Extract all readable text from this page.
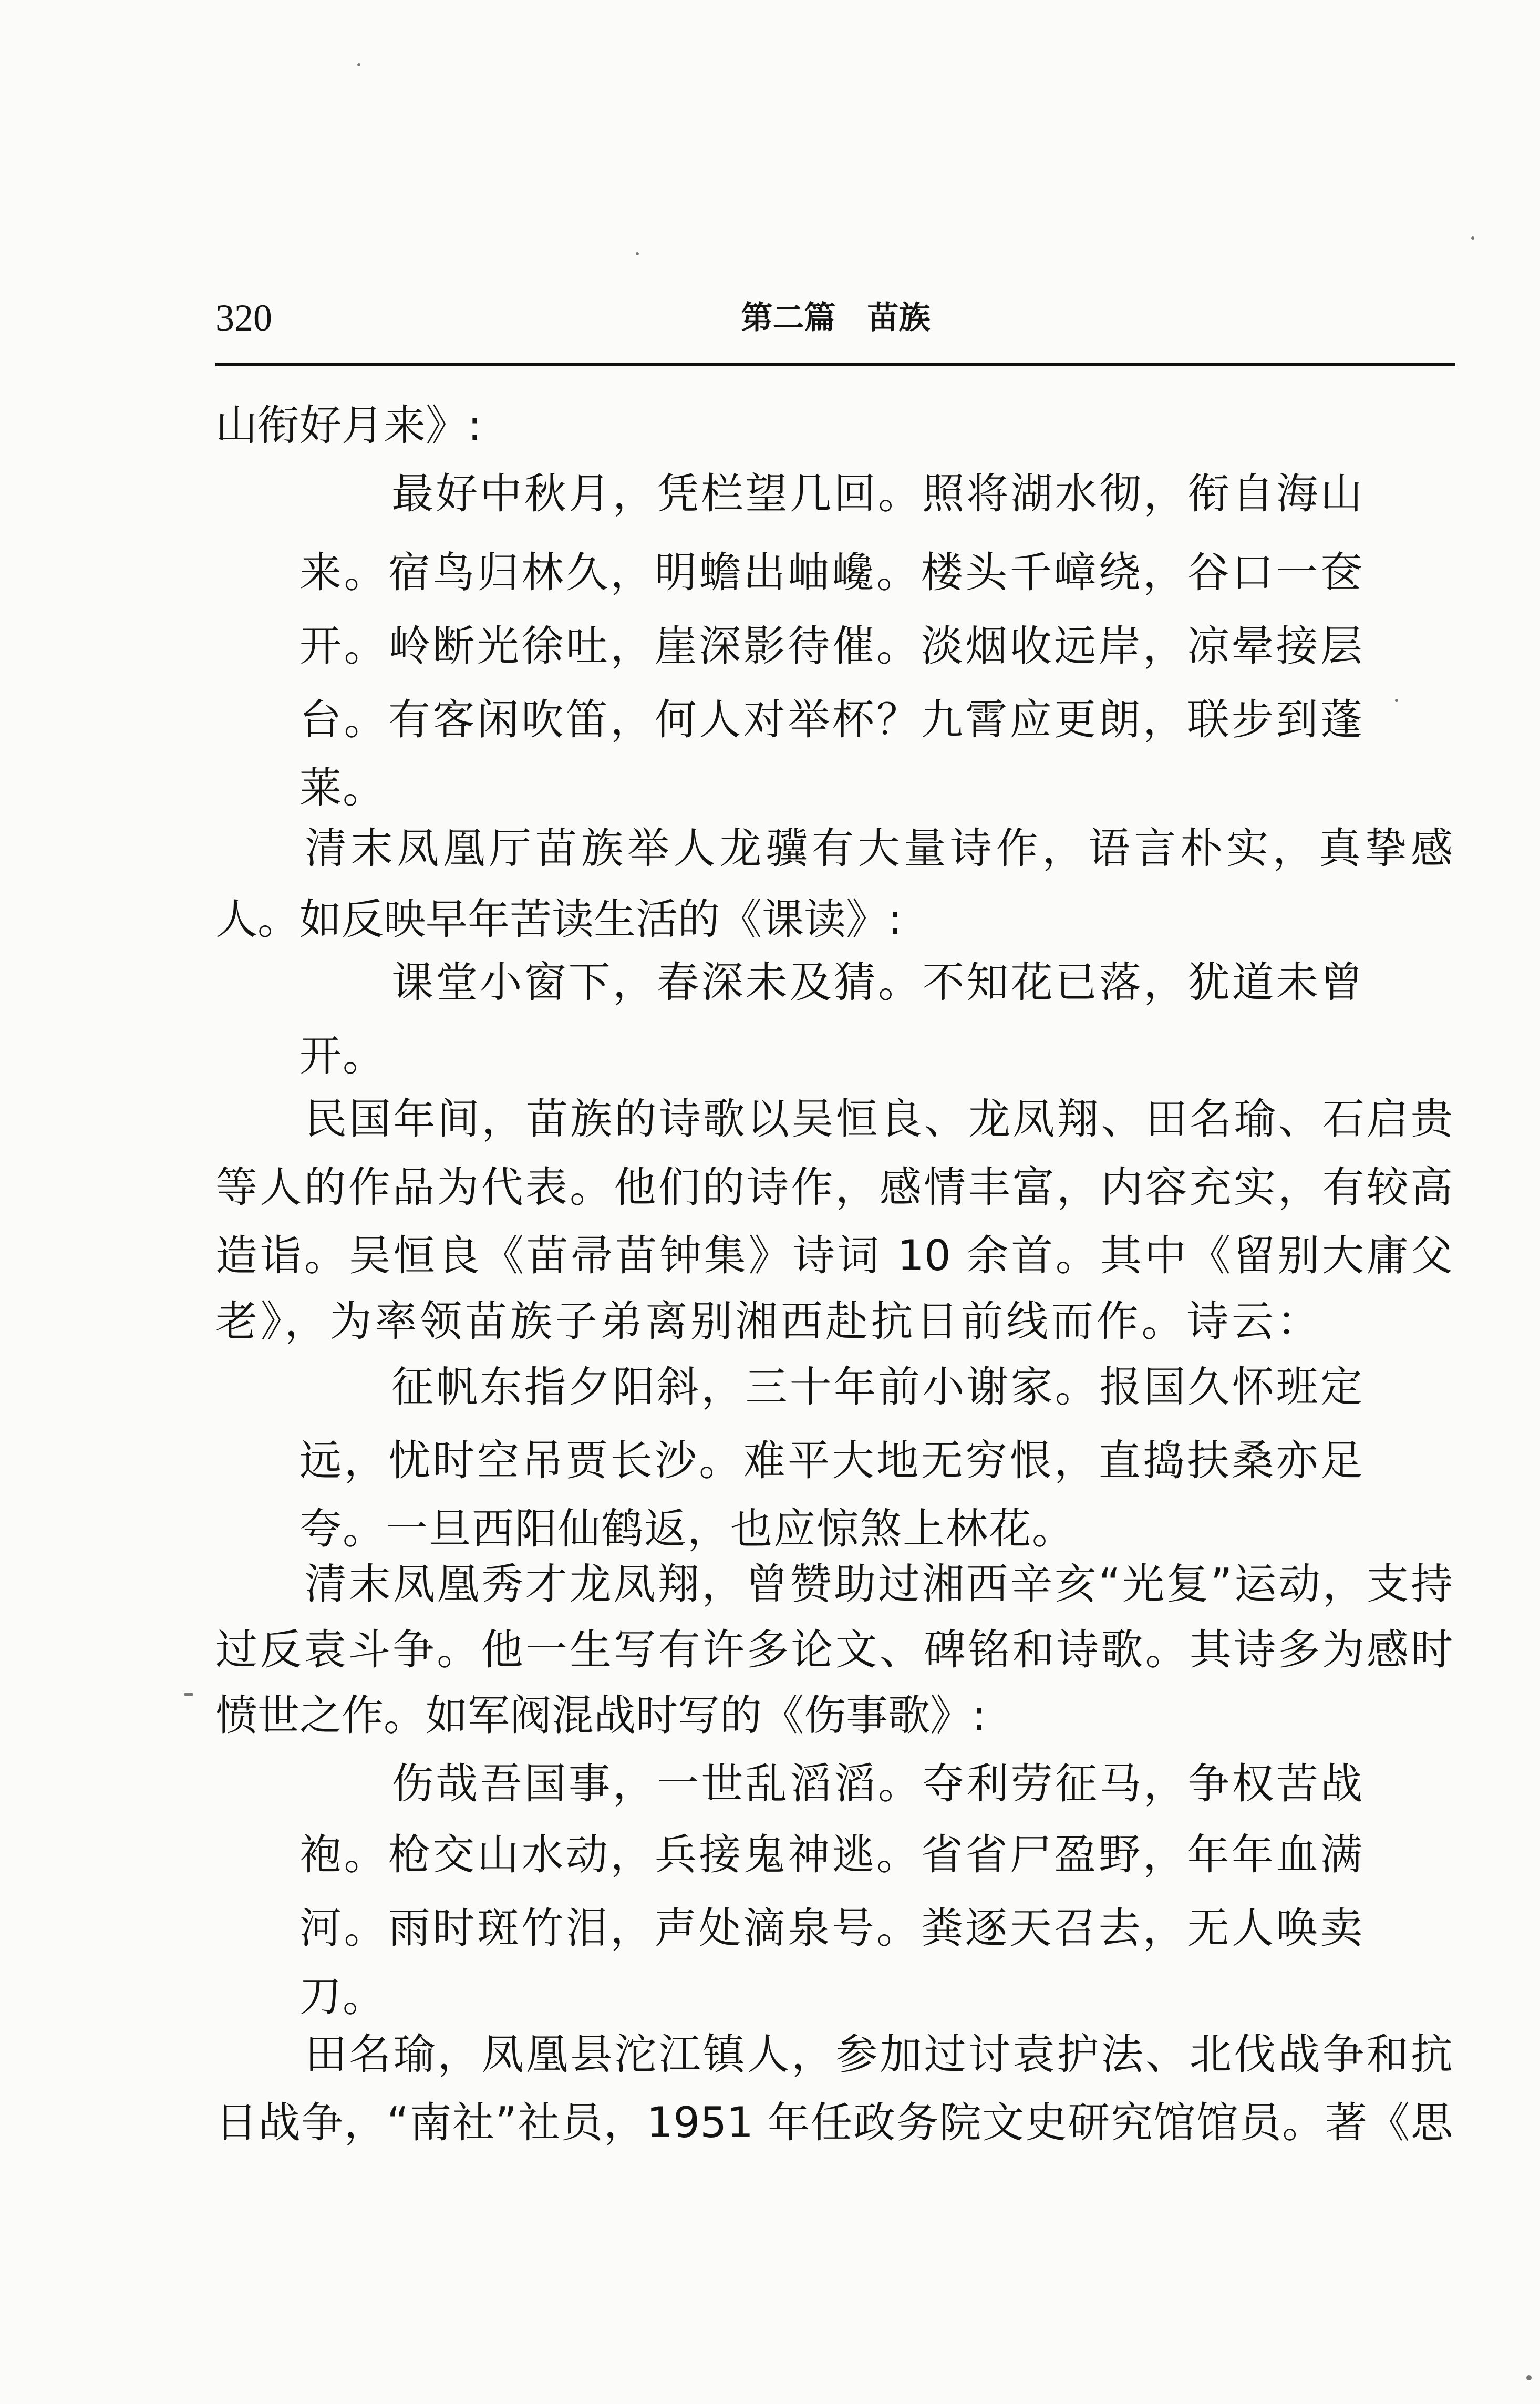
320	第二篇　苗族
山衔好月来》:
最好中秋月，凭栏望几回。照将湖水彻，衔自海山
来。宿鸟归林久，明蟾出岫巉。楼头千嶂绕，谷口一奁
开。岭断光徐吐，崖深影待催。淡烟收远岸，凉晕接层
台。有客闲吹笛，何人对举杯？九霄应更朗，联步到蓬
莱。
清末凤凰厅苗族举人龙骥有大量诗作，语言朴实，真挚感
人。如反映早年苦读生活的《课读》:
课堂小窗下，春深未及猜。不知花已落，犹道未曾
开。
民国年间，苗族的诗歌以吴恒良、龙凤翔、田名瑜、石启贵
等人的作品为代表。他们的诗作，感情丰富，内容充实，有较高
造诣。吴恒良《苗帚苗钟集》诗词 10 余首。其中《留别大庸父
老》，为率领苗族子弟离别湘西赴抗日前线而作。诗云：
征帆东指夕阳斜，三十年前小谢家。报国久怀班定
远，忧时空吊贾长沙。难平大地无穷恨，直捣扶桑亦足
夸。一旦西阳仙鹤返，也应惊煞上林花。
清末凤凰秀才龙凤翔，曾赞助过湘西辛亥“光复”运动，支持
过反袁斗争。他一生写有许多论文、碑铭和诗歌。其诗多为感时
愤世之作。如军阀混战时写的《伤事歌》:
伤哉吾国事，一世乱滔滔。夺利劳征马，争权苦战
袍。枪交山水动，兵接鬼神逃。省省尸盈野，年年血满
河。雨时斑竹泪，声处滴泉号。粪逐天召去，无人唤卖
刀。
田名瑜，凤凰县沱江镇人，参加过讨袁护法、北伐战争和抗
日战争，“南社”社员，1951 年任政务院文史研究馆馆员。著《思
